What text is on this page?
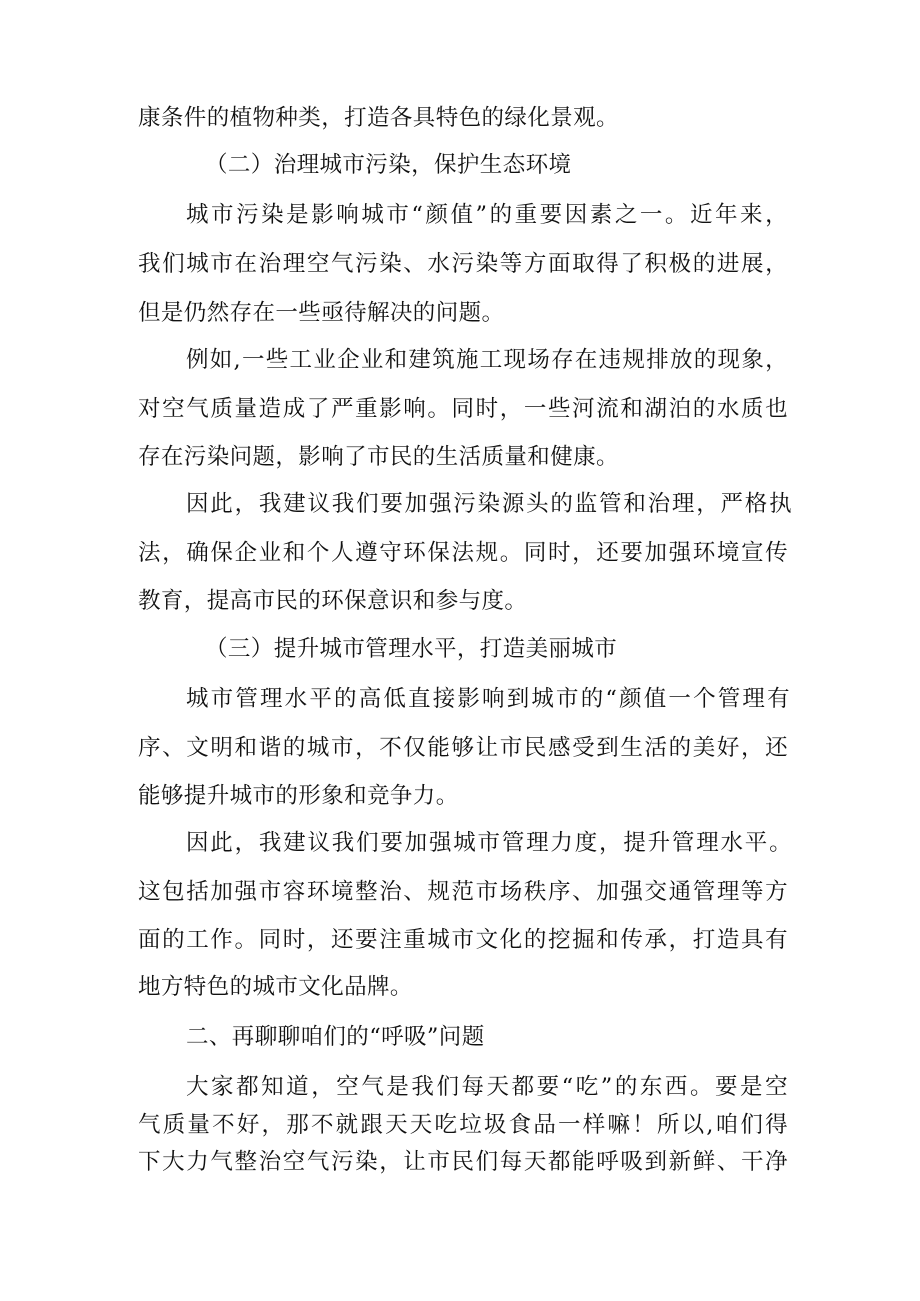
康条件的植物种类，打造各具特色的绿化景观。
（二）治理城市污染，保护生态环境
城市污染是影响城市“颜值”的重要因素之一。近年来，
我们城市在治理空气污染、水污染等方面取得了积极的进展，
但是仍然存在一些亟待解决的问题。
例如,一些工业企业和建筑施工现场存在违规排放的现象，
对空气质量造成了严重影响。同时，一些河流和湖泊的水质也
存在污染问题，影响了市民的生活质量和健康。
因此，我建议我们要加强污染源头的监管和治理，严格执
法，确保企业和个人遵守环保法规。同时，还要加强环境宣传
教育，提高市民的环保意识和参与度。
（三）提升城市管理水平，打造美丽城市
城市管理水平的高低直接影响到城市的“颜值一个管理有
序、文明和谐的城市，不仅能够让市民感受到生活的美好，还
能够提升城市的形象和竞争力。
因此，我建议我们要加强城市管理力度，提升管理水平。
这包括加强市容环境整治、规范市场秩序、加强交通管理等方
面的工作。同时，还要注重城市文化的挖掘和传承，打造具有
地方特色的城市文化品牌。
二、再聊聊咱们的“呼吸”问题
大家都知道，空气是我们每天都要“吃”的东西。要是空
气质量不好，那不就跟天天吃垃圾食品一样嘛！所以,咱们得
下大力气整治空气污染，让市民们每天都能呼吸到新鲜、干净
